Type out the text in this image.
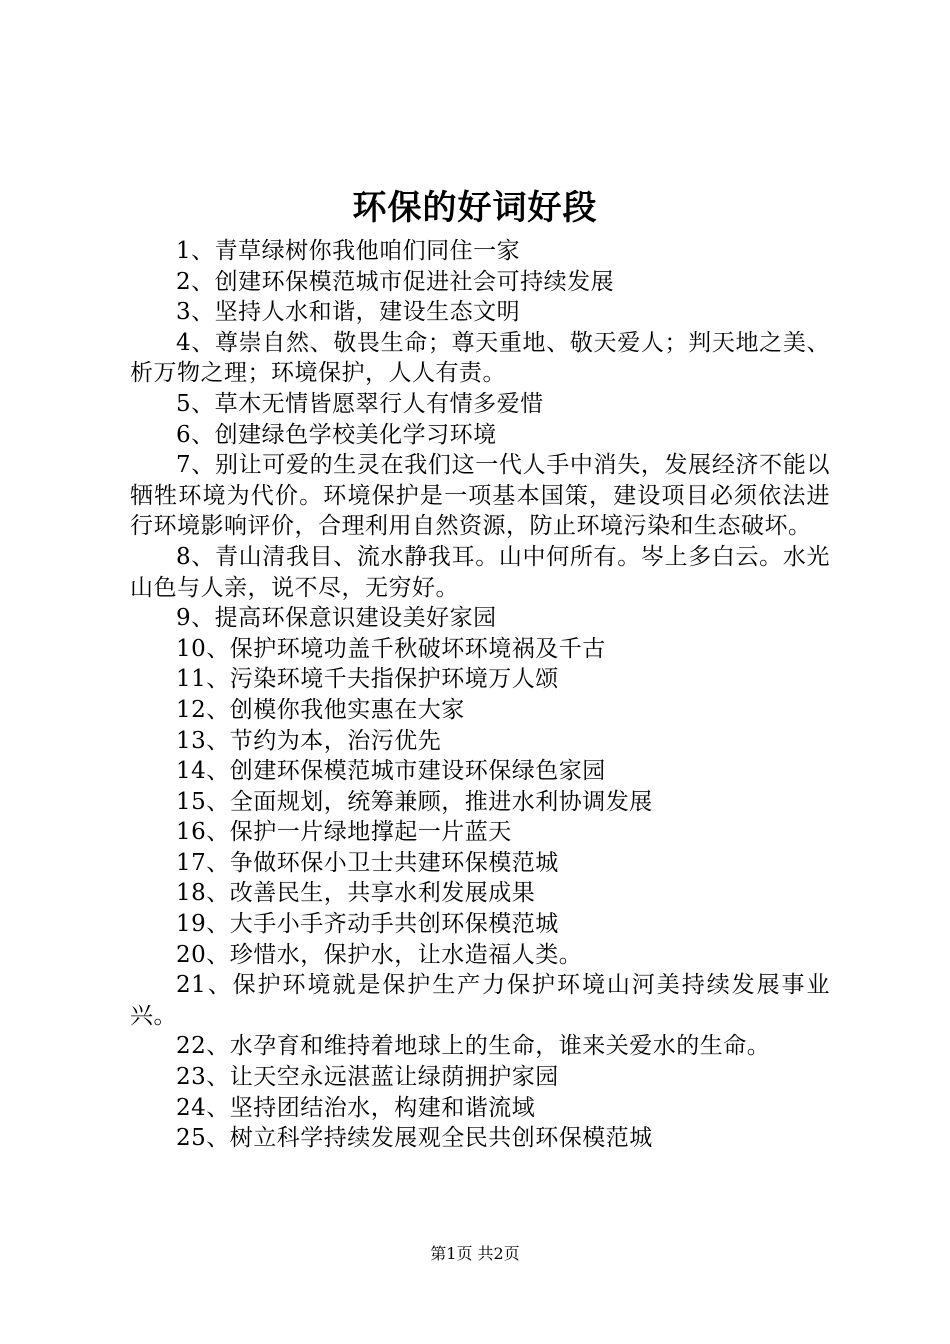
环保的好词好段

1、青草绿树你我他咱们同住一家

2、创建环保模范城市促进社会可持续发展

3、坚持人水和谐，建设生态文明

4、尊崇自然、敬畏生命；尊天重地、敬天爱人；判天地之美、析万物之理；环境保护，人人有责。

5、草木无情皆愿翠行人有情多爱惜

6、创建绿色学校美化学习环境

7、别让可爱的生灵在我们这一代人手中消失，发展经济不能以牺牲环境为代价。环境保护是一项基本国策，建设项目必须依法进行环境影响评价，合理利用自然资源，防止环境污染和生态破坏。

8、青山清我目、流水静我耳。山中何所有。岑上多白云。水光山色与人亲，说不尽，无穷好。

9、提高环保意识建设美好家园

10、保护环境功盖千秋破坏环境祸及千古

11、污染环境千夫指保护环境万人颂

12、创模你我他实惠在大家

13、节约为本，治污优先

14、创建环保模范城市建设环保绿色家园

15、全面规划，统筹兼顾，推进水利协调发展

16、保护一片绿地撑起一片蓝天

17、争做环保小卫士共建环保模范城

18、改善民生，共享水利发展成果

19、大手小手齐动手共创环保模范城

20、珍惜水，保护水，让水造福人类。

21、保护环境就是保护生产力保护环境山河美持续发展事业兴。

22、水孕育和维持着地球上的生命，谁来关爱水的生命。

23、让天空永远湛蓝让绿荫拥护家园

24、坚持团结治水，构建和谐流域

25、树立科学持续发展观全民共创环保模范城

第1页 共2页
